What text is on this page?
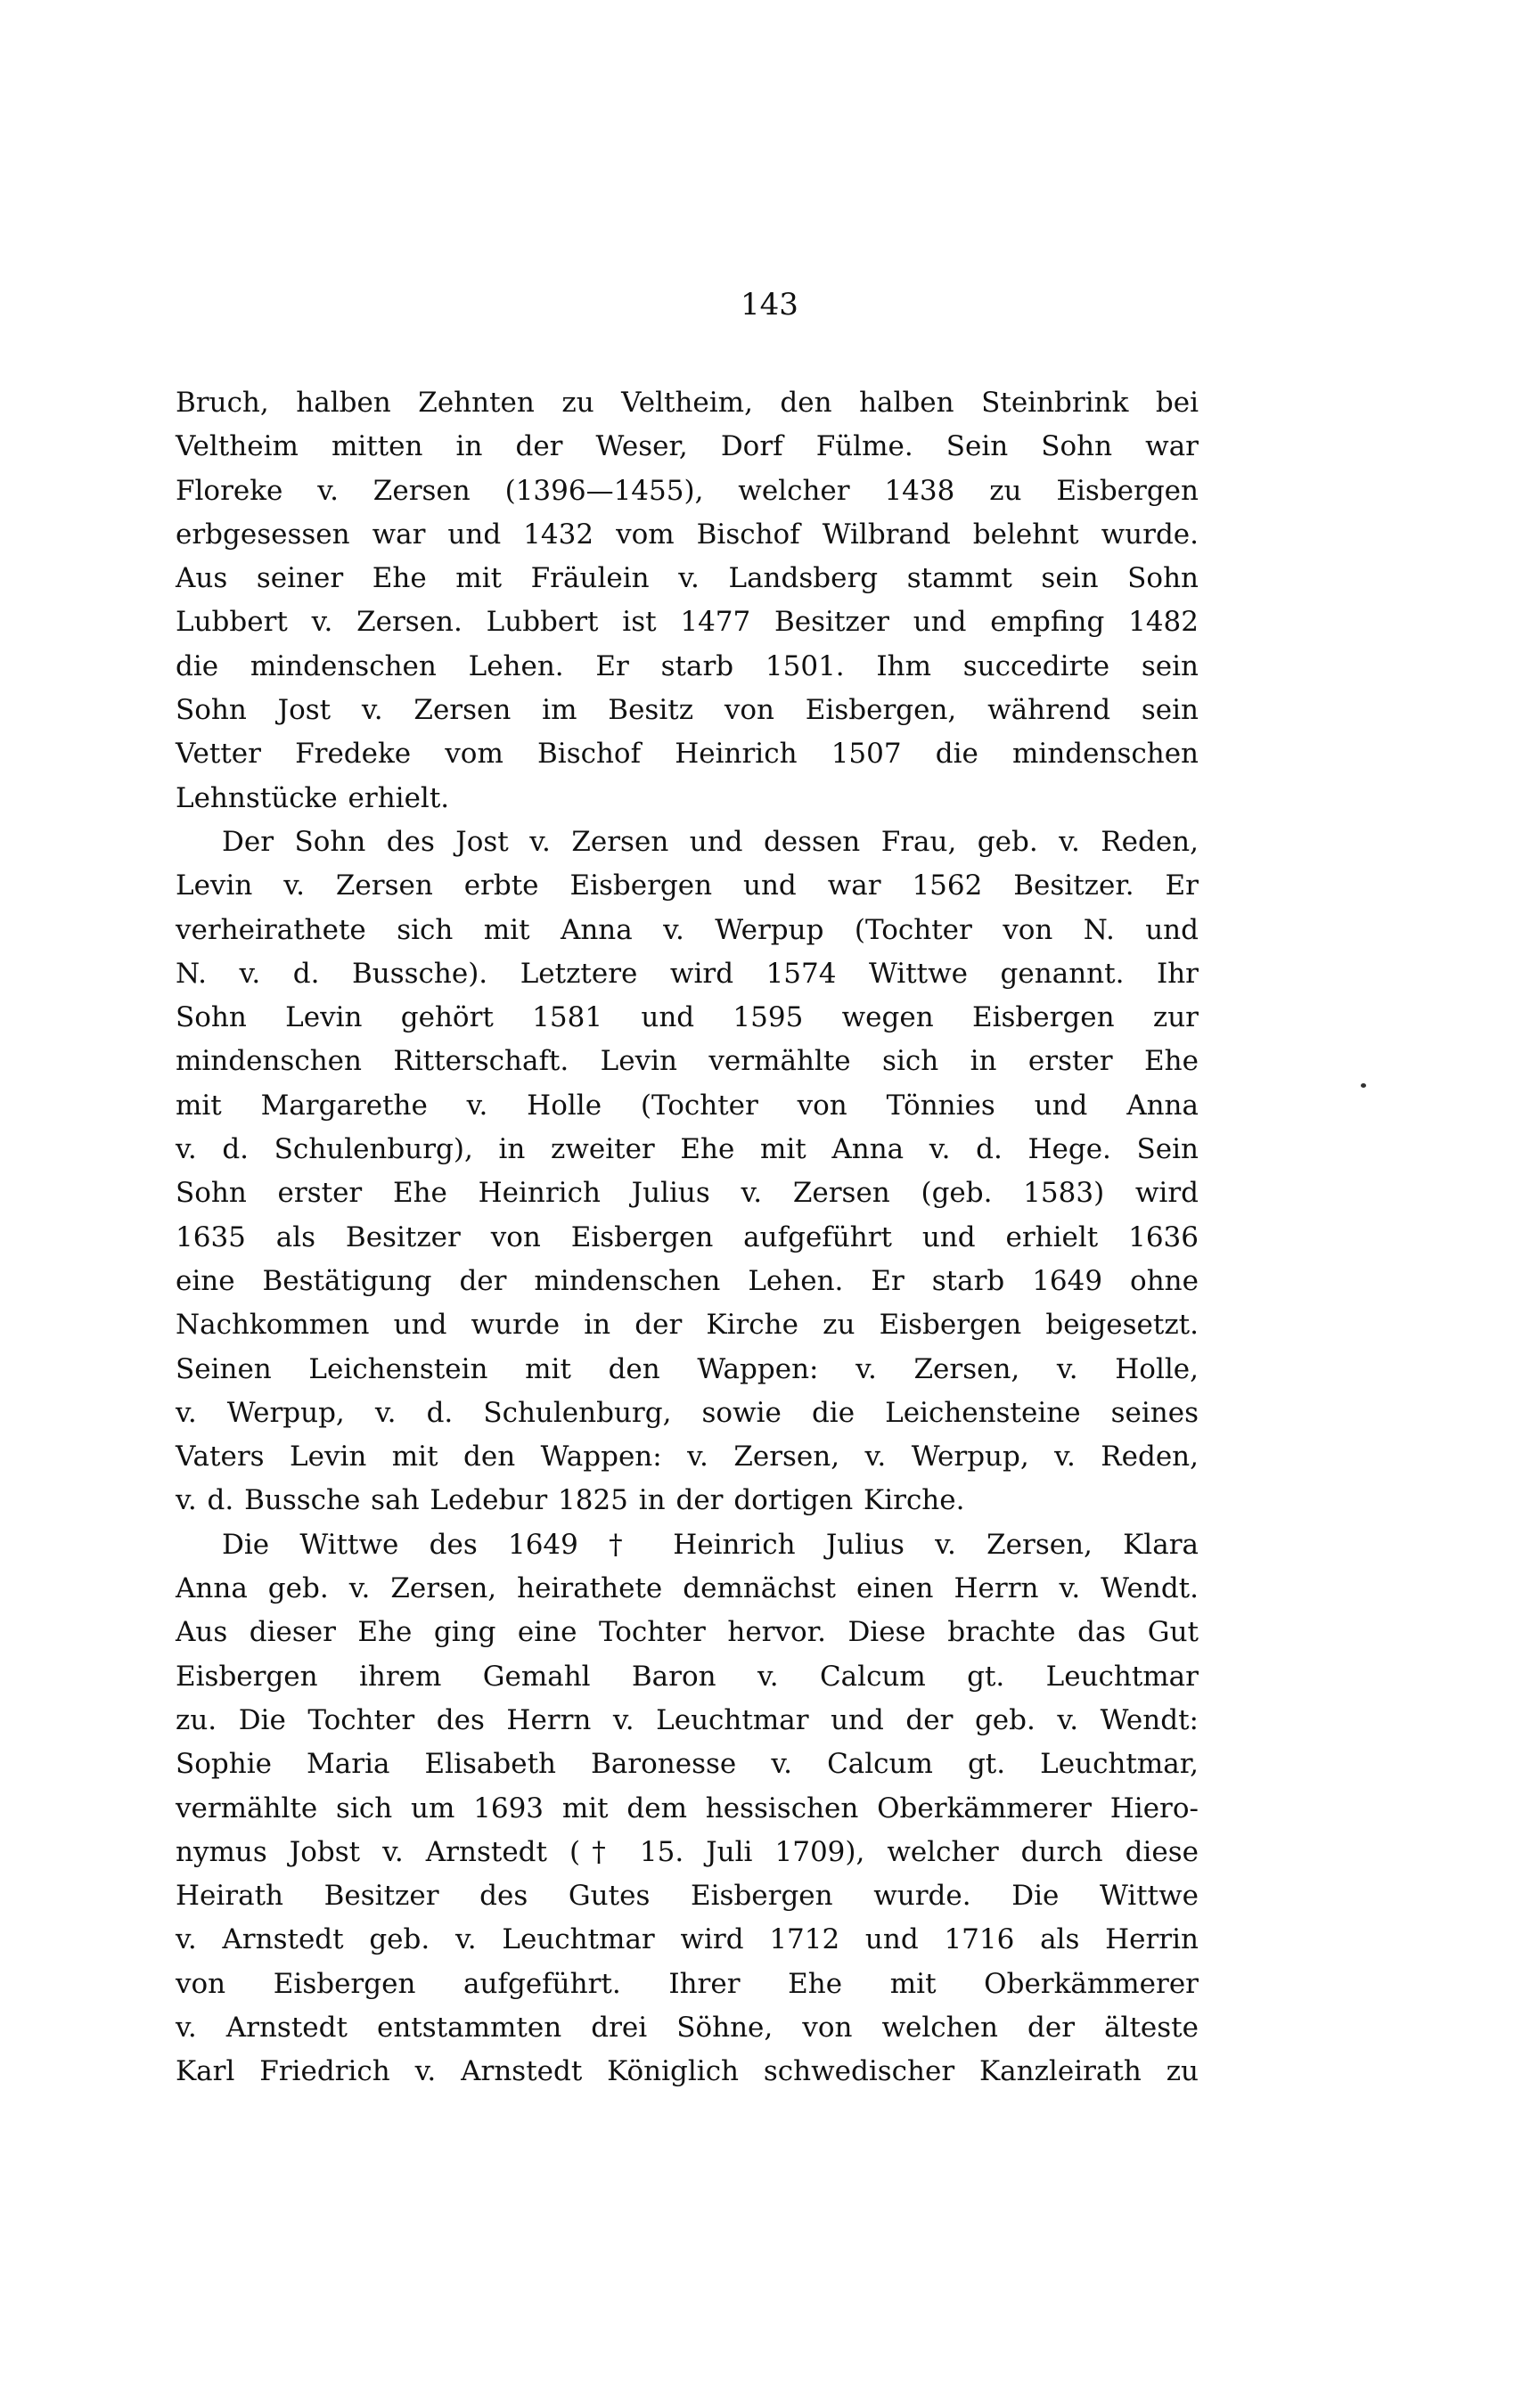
143
Bruch, halben Zehnten zu Veltheim, den halben Steinbrink bei
Veltheim mitten in der Weser, Dorf Fülme. Sein Sohn war
Floreke v. Zersen (1396—1455), welcher 1438 zu Eisbergen
erbgesessen war und 1432 vom Bischof Wilbrand belehnt wurde.
Aus seiner Ehe mit Fräulein v. Landsberg stammt sein Sohn
Lubbert v. Zersen. Lubbert ist 1477 Besitzer und empfing 1482
die mindenschen Lehen. Er starb 1501. Ihm succedirte sein
Sohn Jost v. Zersen im Besitz von Eisbergen, während sein
Vetter Fredeke vom Bischof Heinrich 1507 die mindenschen
Lehnstücke erhielt.
Der Sohn des Jost v. Zersen und dessen Frau, geb. v. Reden,
Levin v. Zersen erbte Eisbergen und war 1562 Besitzer. Er
verheirathete sich mit Anna v. Werpup (Tochter von N. und
N. v. d. Bussche). Letztere wird 1574 Wittwe genannt. Ihr
Sohn Levin gehört 1581 und 1595 wegen Eisbergen zur
mindenschen Ritterschaft. Levin vermählte sich in erster Ehe
mit Margarethe v. Holle (Tochter von Tönnies und Anna
v. d. Schulenburg), in zweiter Ehe mit Anna v. d. Hege. Sein
Sohn erster Ehe Heinrich Julius v. Zersen (geb. 1583) wird
1635 als Besitzer von Eisbergen aufgeführt und erhielt 1636
eine Bestätigung der mindenschen Lehen. Er starb 1649 ohne
Nachkommen und wurde in der Kirche zu Eisbergen beigesetzt.
Seinen Leichenstein mit den Wappen: v. Zersen, v. Holle,
v. Werpup, v. d. Schulenburg, sowie die Leichensteine seines
Vaters Levin mit den Wappen: v. Zersen, v. Werpup, v. Reden,
v. d. Bussche sah Ledebur 1825 in der dortigen Kirche.
Die Wittwe des 1649 † Heinrich Julius v. Zersen, Klara
Anna geb. v. Zersen, heirathete demnächst einen Herrn v. Wendt.
Aus dieser Ehe ging eine Tochter hervor. Diese brachte das Gut
Eisbergen ihrem Gemahl Baron v. Calcum gt. Leuchtmar
zu. Die Tochter des Herrn v. Leuchtmar und der geb. v. Wendt:
Sophie Maria Elisabeth Baronesse v. Calcum gt. Leuchtmar,
vermählte sich um 1693 mit dem hessischen Oberkämmerer Hiero-
nymus Jobst v. Arnstedt († 15. Juli 1709), welcher durch diese
Heirath Besitzer des Gutes Eisbergen wurde. Die Wittwe
v. Arnstedt geb. v. Leuchtmar wird 1712 und 1716 als Herrin
von Eisbergen aufgeführt. Ihrer Ehe mit Oberkämmerer
v. Arnstedt entstammten drei Söhne, von welchen der älteste
Karl Friedrich v. Arnstedt Königlich schwedischer Kanzleirath zu
